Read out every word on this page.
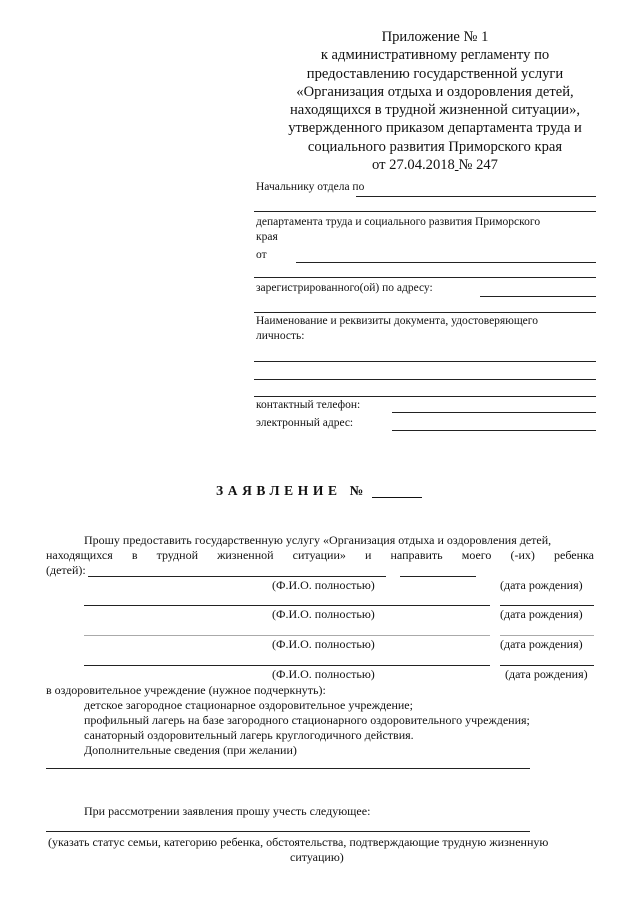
Приложение № 1
к административному регламенту по
предоставлению государственной услуги
«Организация отдыха и оздоровления детей,
находящихся в трудной жизненной ситуации»,
утвержденного приказом департамента труда и
социального развития Приморского края
от 27.04.2018 № 247
Начальнику отдела по
департамента труда и социального развития Приморского
края
от
зарегистрированного(ой) по адресу:
Наименование и реквизиты документа, удостоверяющего
личность:
контактный телефон:
электронный адрес:
ЗАЯВЛЕНИЕ №
Прошу предоставить государственную услугу «Организация отдыха и оздоровления детей,
находящихся в трудной жизненной ситуации» и направить моего (-их) ребенка
(детей):
(Ф.И.О. полностью)	(дата рождения)
(Ф.И.О. полностью)	(дата рождения)
(Ф.И.О. полностью)	(дата рождения)
(Ф.И.О. полностью)	(дата рождения)
в оздоровительное учреждение (нужное подчеркнуть):
детское загородное стационарное оздоровительное учреждение;
профильный лагерь на базе загородного стационарного оздоровительного учреждения;
санаторный оздоровительный лагерь круглогодичного действия.
Дополнительные сведения (при желании)
При рассмотрении заявления прошу учесть следующее:
(указать статус семьи, категорию ребенка, обстоятельства, подтверждающие трудную жизненную
ситуацию)
